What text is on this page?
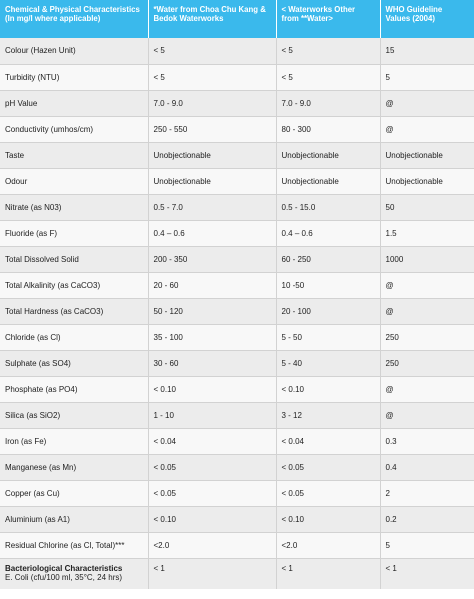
Chemical & Physical Characteristics (In mg/l where applicable)	*Water from Choa Chu Kang & Bedok Waterworks	< Waterworks Other from **Water>	WHO Guideline Values (2004)
Colour (Hazen Unit)	< 5	< 5	15
Turbidity (NTU)	< 5	< 5	5
pH Value	7.0 - 9.0	7.0 - 9.0	@
Conductivity (umhos/cm)	250 - 550	80 - 300	@
Taste	Unobjectionable	Unobjectionable	Unobjectionable
Odour	Unobjectionable	Unobjectionable	Unobjectionable
Nitrate (as N03)	0.5 - 7.0	0.5 - 15.0	50
Fluoride (as F)	0.4 – 0.6	0.4 – 0.6	1.5
Total Dissolved Solid	200 - 350	60 - 250	1000
Total Alkalinity (as CaCO3)	20 - 60	10 -50	@
Total Hardness (as CaCO3)	50 - 120	20 - 100	@
Chloride (as Cl)	35 - 100	5 - 50	250
Sulphate (as SO4)	30 - 60	5 - 40	250
Phosphate (as PO4)	< 0.10	< 0.10	@
Silica (as SiO2)	1 - 10	3 - 12	@
Iron (as Fe)	< 0.04	< 0.04	0.3
Manganese (as Mn)	< 0.05	< 0.05	0.4
Copper (as Cu)	< 0.05	< 0.05	2
Aluminium (as A1)	< 0.10	< 0.10	0.2
Residual Chlorine (as Cl, Total)***	<2.0	<2.0	5

Bacteriological Characteristics
E. Coli (cfu/100 ml, 35°C, 24 hrs)	< 1	< 1	< 1
